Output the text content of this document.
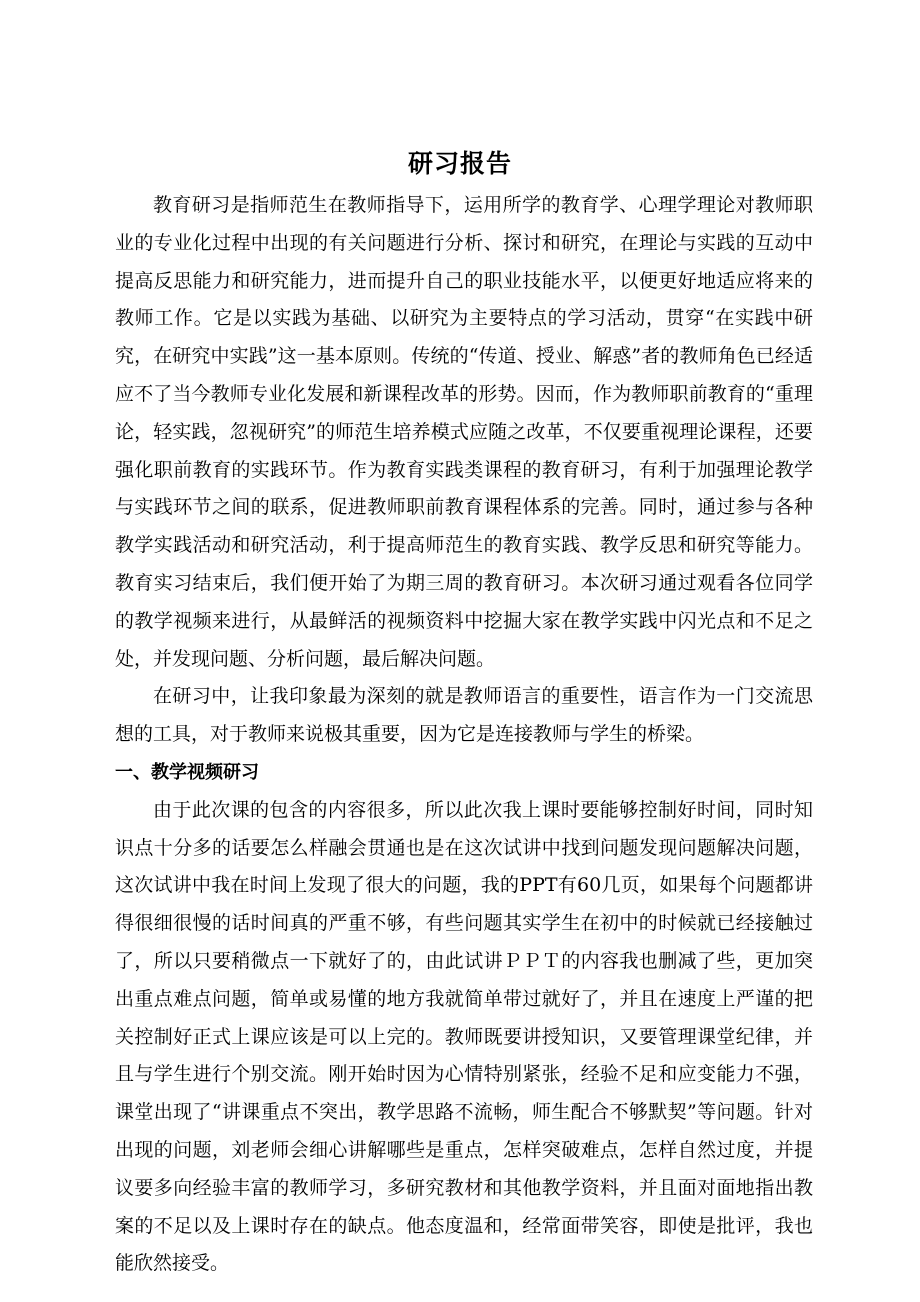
研习报告

教育研习是指师范生在教师指导下，运用所学的教育学、心理学理论对教师职业的专业化过程中出现的有关问题进行分析、探讨和研究，在理论与实践的互动中提高反思能力和研究能力，进而提升自己的职业技能水平，以便更好地适应将来的教师工作。它是以实践为基础、以研究为主要特点的学习活动，贯穿“在实践中研究，在研究中实践”这一基本原则。传统的“传道、授业、解惑”者的教师角色已经适应不了当今教师专业化发展和新课程改革的形势。因而，作为教师职前教育的“重理论，轻实践，忽视研究”的师范生培养模式应随之改革，不仅要重视理论课程，还要强化职前教育的实践环节。作为教育实践类课程的教育研习，有利于加强理论教学与实践环节之间的联系，促进教师职前教育课程体系的完善。同时，通过参与各种教学实践活动和研究活动，利于提高师范生的教育实践、教学反思和研究等能力。教育实习结束后，我们便开始了为期三周的教育研习。本次研习通过观看各位同学的教学视频来进行，从最鲜活的视频资料中挖掘大家在教学实践中闪光点和不足之处，并发现问题、分析问题，最后解决问题。

在研习中，让我印象最为深刻的就是教师语言的重要性，语言作为一门交流思想的工具，对于教师来说极其重要，因为它是连接教师与学生的桥梁。

一、教学视频研习

由于此次课的包含的内容很多，所以此次我上课时要能够控制好时间，同时知识点十分多的话要怎么样融会贯通也是在这次试讲中找到问题发现问题解决问题，这次试讲中我在时间上发现了很大的问题，我的PPT有60几页，如果每个问题都讲得很细很慢的话时间真的严重不够，有些问题其实学生在初中的时候就已经接触过了，所以只要稍微点一下就好了的，由此试讲ＰＰＴ的内容我也删减了些，更加突出重点难点问题，简单或易懂的地方我就简单带过就好了，并且在速度上严谨的把关控制好正式上课应该是可以上完的。教师既要讲授知识，又要管理课堂纪律，并且与学生进行个别交流。刚开始时因为心情特别紧张，经验不足和应变能力不强，课堂出现了“讲课重点不突出，教学思路不流畅，师生配合不够默契”等问题。针对出现的问题，刘老师会细心讲解哪些是重点，怎样突破难点，怎样自然过度，并提议要多向经验丰富的教师学习，多研究教材和其他教学资料，并且面对面地指出教案的不足以及上课时存在的缺点。他态度温和，经常面带笑容，即使是批评，我也能欣然接受。
